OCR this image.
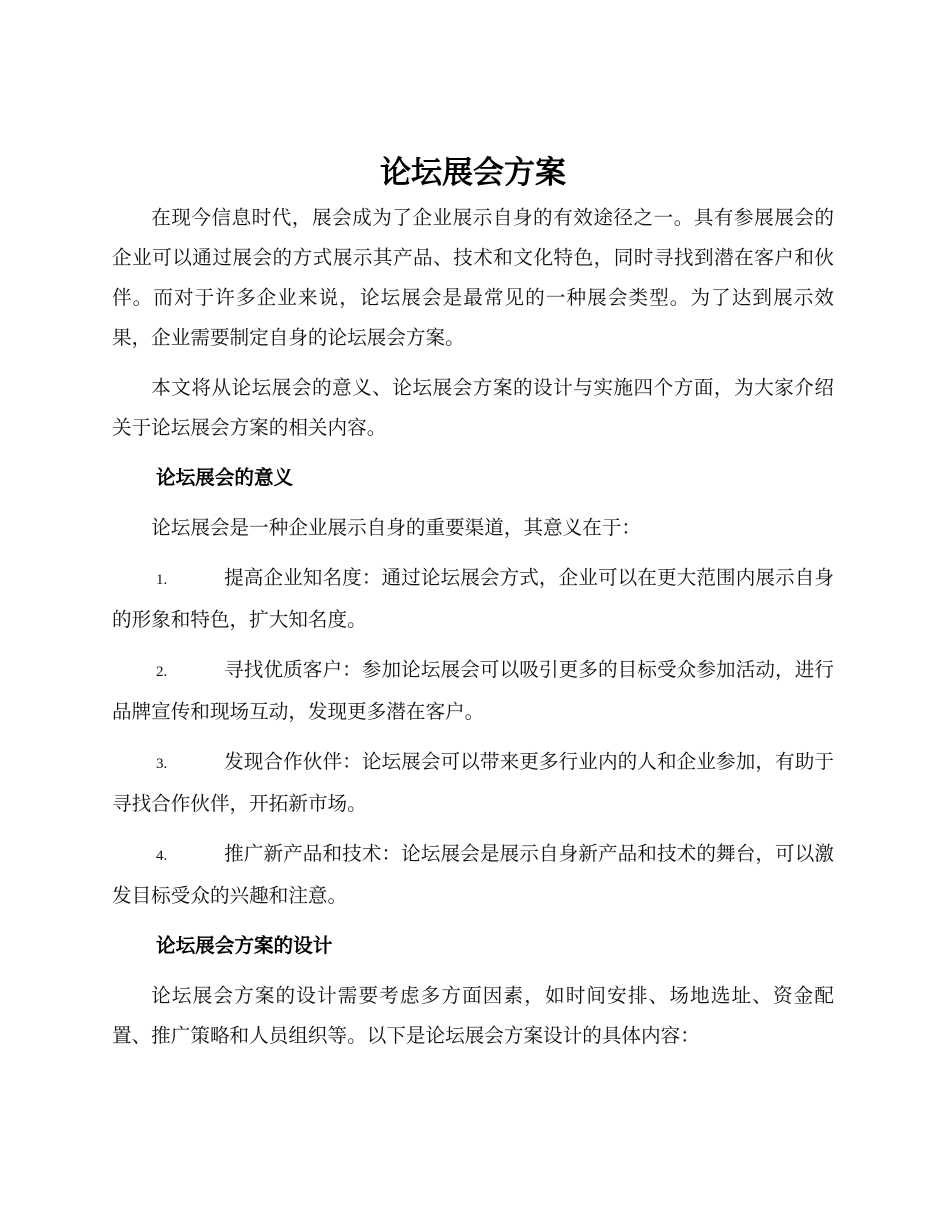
论坛展会方案

在现今信息时代，展会成为了企业展示自身的有效途径之一。具有参展展会的企业可以通过展会的方式展示其产品、技术和文化特色，同时寻找到潜在客户和伙伴。而对于许多企业来说，论坛展会是最常见的一种展会类型。为了达到展示效果，企业需要制定自身的论坛展会方案。

本文将从论坛展会的意义、论坛展会方案的设计与实施四个方面，为大家介绍关于论坛展会方案的相关内容。

论坛展会的意义

论坛展会是一种企业展示自身的重要渠道，其意义在于：

1.	提高企业知名度：通过论坛展会方式，企业可以在更大范围内展示自身的形象和特色，扩大知名度。

2.	寻找优质客户：参加论坛展会可以吸引更多的目标受众参加活动，进行品牌宣传和现场互动，发现更多潜在客户。

3.	发现合作伙伴：论坛展会可以带来更多行业内的人和企业参加，有助于寻找合作伙伴，开拓新市场。

4.	推广新产品和技术：论坛展会是展示自身新产品和技术的舞台，可以激发目标受众的兴趣和注意。

论坛展会方案的设计

论坛展会方案的设计需要考虑多方面因素，如时间安排、场地选址、资金配置、推广策略和人员组织等。以下是论坛展会方案设计的具体内容：
